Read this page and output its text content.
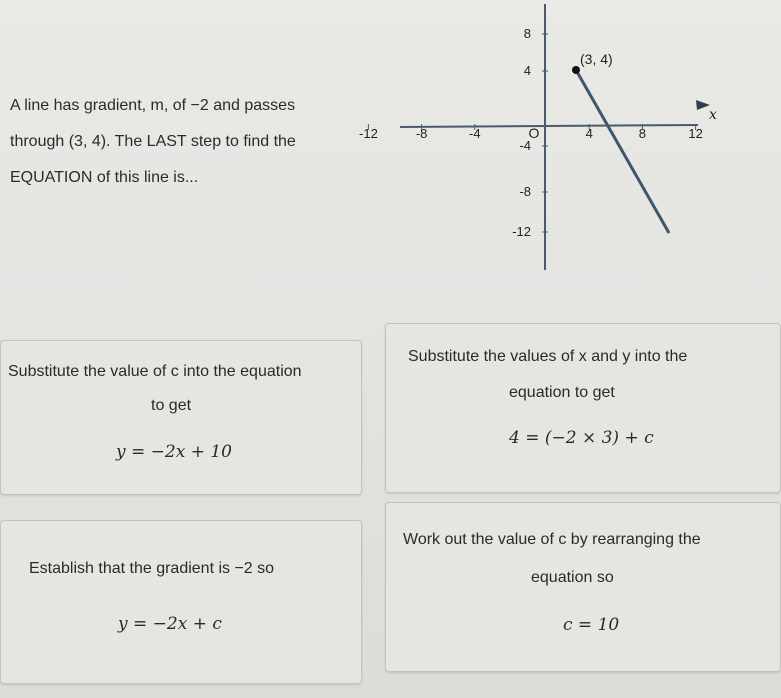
A line has gradient, m, of −2 and passes
through (3, 4). The LAST step to find the
EQUATION of this line is...
-12	-8	-4	4	8	12
O
x
8
4
-4
-8
-12
(3, 4)
Substitute the value of c into the equation
to get
y = −2x + 10
Substitute the values of x and y into the
equation to get
4 = (−2 × 3) + c
Establish that the gradient is −2 so
y = −2x + c
Work out the value of c by rearranging the
equation so
c = 10
